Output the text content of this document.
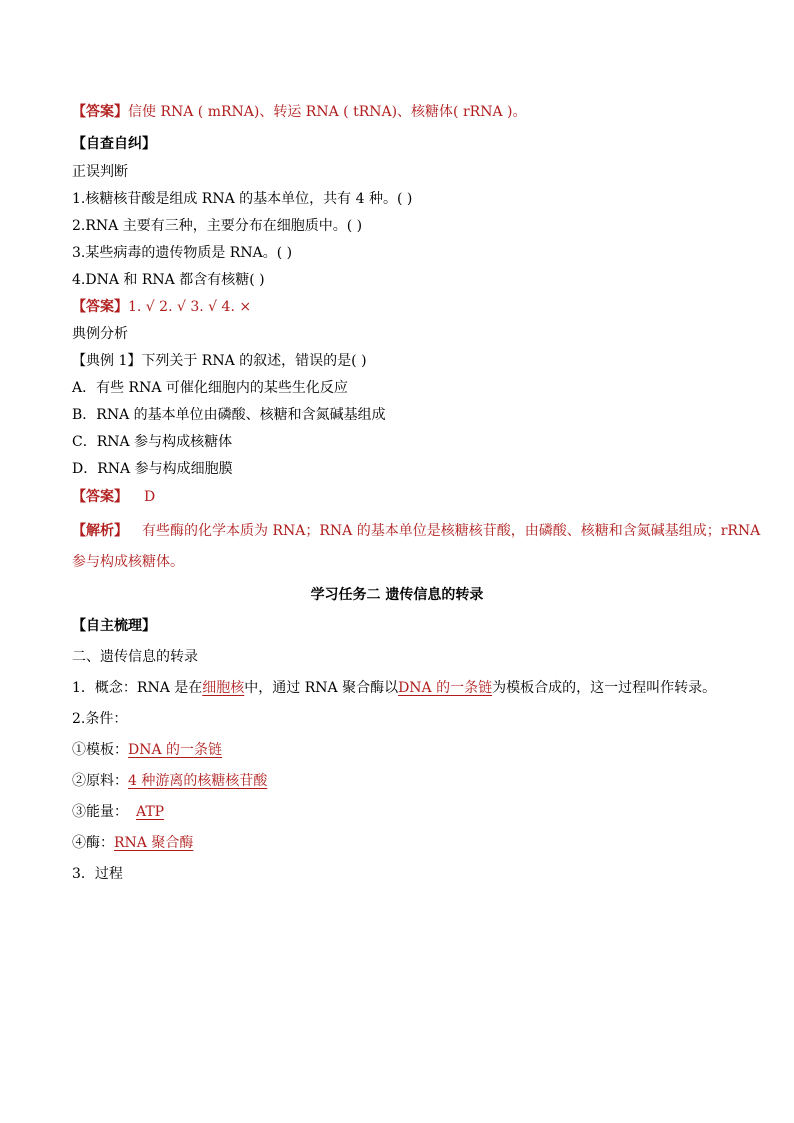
【答案】信使 RNA ( mRNA)、转运 RNA ( tRNA)、核糖体( rRNA )。
【自查自纠】
正误判断
1.核糖核苷酸是组成 RNA 的基本单位，共有 4 种。( )
2.RNA 主要有三种，主要分布在细胞质中。( )
3.某些病毒的遗传物质是 RNA。( )
4.DNA 和 RNA 都含有核糖( )
【答案】1. √ 2. √ 3. √ 4. ×
典例分析
【典例 1】下列关于 RNA 的叙述，错误的是( )
A．有些 RNA 可催化细胞内的某些生化反应
B．RNA 的基本单位由磷酸、核糖和含氮碱基组成
C．RNA 参与构成核糖体
D．RNA 参与构成细胞膜
【答案】 D
【解析】 有些酶的化学本质为 RNA；RNA 的基本单位是核糖核苷酸，由磷酸、核糖和含氮碱基组成；rRNA
参与构成核糖体。
学习任务二 遗传信息的转录
【自主梳理】
二、遗传信息的转录
1．概念：RNA 是在细胞核中，通过 RNA 聚合酶以DNA 的一条链为模板合成的，这一过程叫作转录。
2.条件：
①模板：DNA 的一条链
②原料：4 种游离的核糖核苷酸
③能量： ATP
④酶：RNA 聚合酶
3．过程
